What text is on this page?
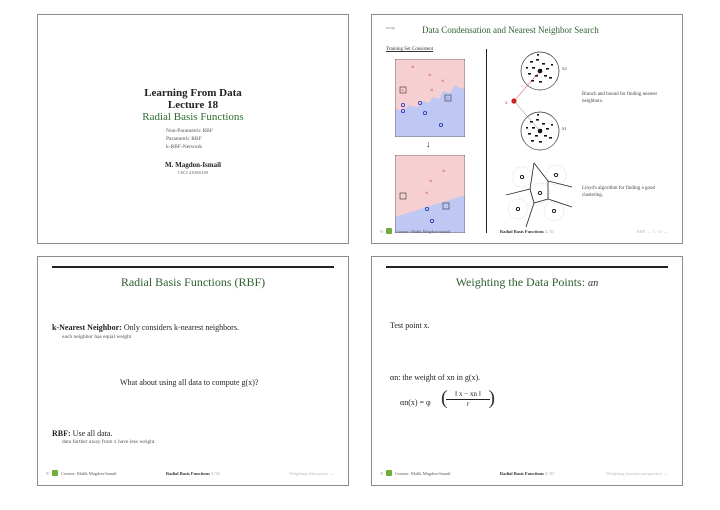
Learning From Data
Lecture 18
Radial Basis Functions
Non-Parametric RBF
Parametric RBF
k-RBF-Network
M. Magdon-Ismail
CSCI 4100/6100
recap	Data Condensation and Nearest Neighbor Search
Training Set Consistent
×
×
×
×
×
○
↓
×
×
×
x
S2
S1
Branch and bound for finding nearest neighbors.
Lloyd's algorithm for finding a good clustering.
©	Creator: Malik Magdon-Ismail	Radial Basis Functions 2 /31	RBF → 1 / 31 →
Radial Basis Functions (RBF)
k-Nearest Neighbor: Only considers k-nearest neighbors.
each neighbor has equal weight
What about using all data to compute g(x)?
RBF: Use all data.
data further away from x have less weight.
©	Creator: Malik Magdon-Ismail	Radial Basis Functions 3 /31	Weighting data points →
Weighting the Data Points: αn
Test point x.
αn: the weight of xn in g(x).
αn(x) = φ (	‖ x − xn ‖
r )
©	Creator: Malik Magdon-Ismail	Radial Basis Functions 4 /31	Weighting function perspective →
